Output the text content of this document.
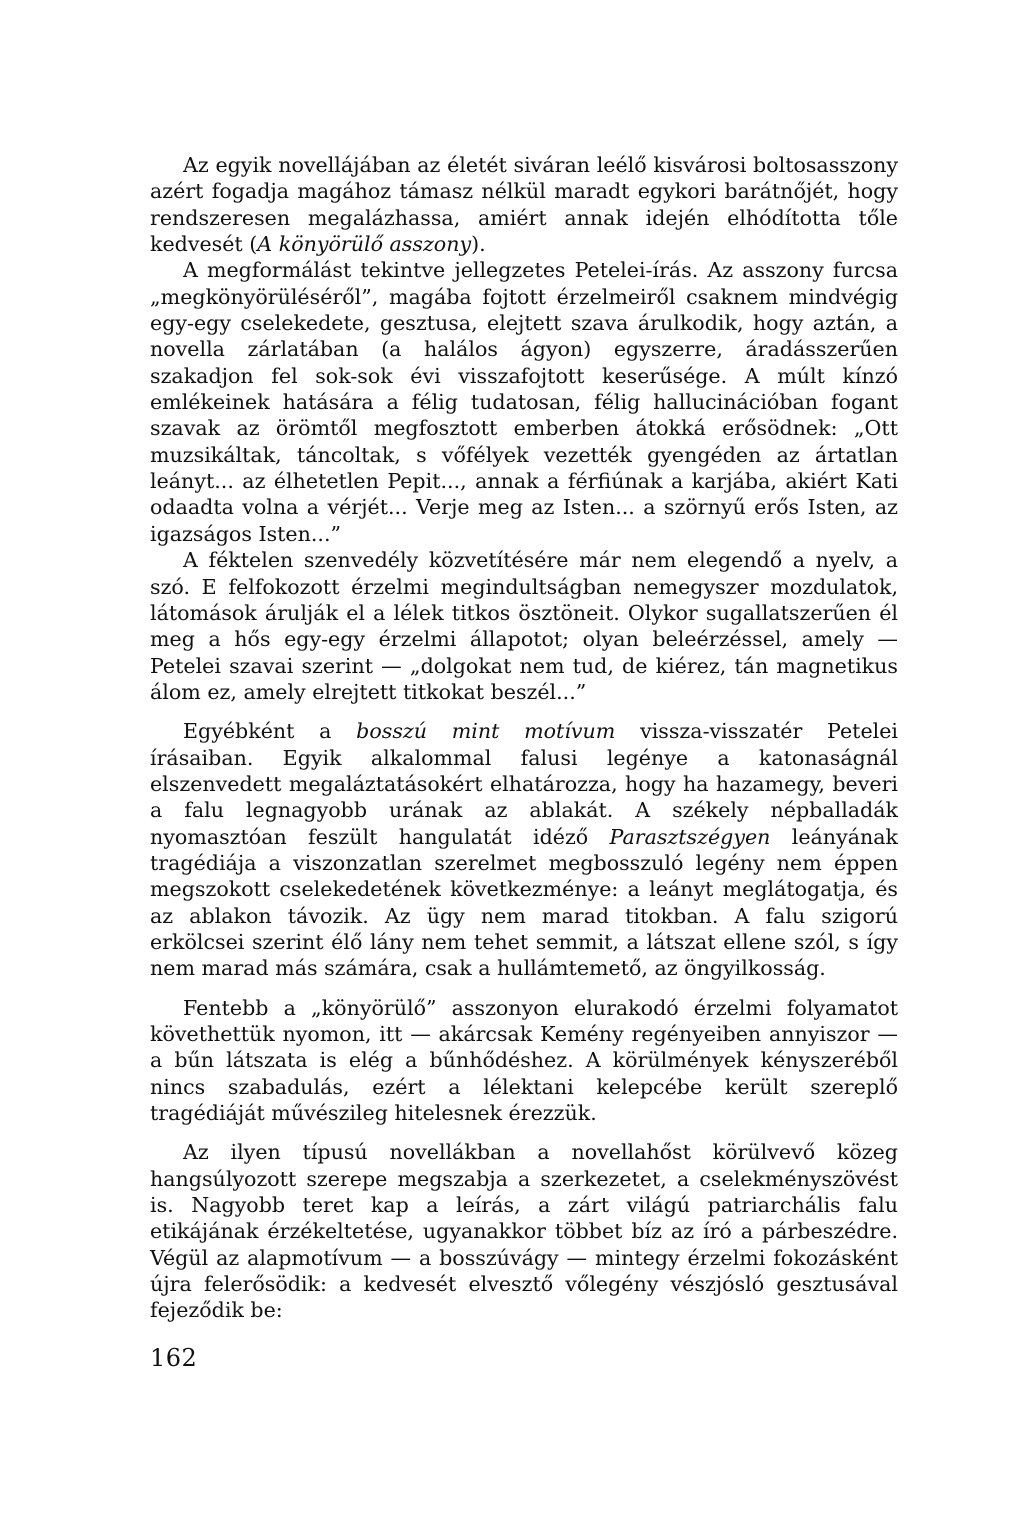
Az egyik novellájában az életét siváran leélő kisvárosi boltosasszony azért fogadja magához támasz nélkül maradt egykori barátnőjét, hogy rendszeresen megalázhassa, amiért annak idején elhódította tőle kedvesét (A könyörülő asszony).

A megformálást tekintve jellegzetes Petelei-írás. Az asszony furcsa „megkönyörüléséről”, magába fojtott érzelmeiről csaknem mindvégig egy-egy cselekedete, gesztusa, elejtett szava árulkodik, hogy aztán, a novella zárlatában (a halálos ágyon) egyszerre, áradásszerűen szakadjon fel sok-sok évi visszafojtott keserűsége. A múlt kínzó emlékeinek hatására a félig tudatosan, félig hallucinációban fogant szavak az örömtől megfosztott emberben átokká erősödnek: „Ott muzsikáltak, táncoltak, s vőfélyek vezették gyengéden az ártatlan leányt... az élhetetlen Pepit..., annak a férfiúnak a karjába, akiért Kati odaadta volna a vérjét... Verje meg az Isten... a szörnyű erős Isten, az igazságos Isten...”

A féktelen szenvedély közvetítésére már nem elegendő a nyelv, a szó. E felfokozott érzelmi megindultságban nemegyszer mozdulatok, látomások árulják el a lélek titkos ösztöneit. Olykor sugallatszerűen él meg a hős egy-egy érzelmi állapotot; olyan beleérzéssel, amely — Petelei szavai szerint — „dolgokat nem tud, de kiérez, tán magnetikus álom ez, amely elrejtett titkokat beszél...”

Egyébként a bosszú mint motívum vissza-visszatér Petelei írásaiban. Egyik alkalommal falusi legénye a katonaságnál elszenvedett megaláztatásokért elhatározza, hogy ha hazamegy, beveri a falu legnagyobb urának az ablakát. A székely népballadák nyomasztóan feszült hangulatát idéző Parasztszégyen leányának tragédiája a viszonzatlan szerelmet megbosszuló legény nem éppen megszokott cselekedetének következménye: a leányt meglátogatja, és az ablakon távozik. Az ügy nem marad titokban. A falu szigorú erkölcsei szerint élő lány nem tehet semmit, a látszat ellene szól, s így nem marad más számára, csak a hullámtemető, az öngyilkosság.

Fentebb a „könyörülő” asszonyon elurakodó érzelmi folyamatot követhettük nyomon, itt — akárcsak Kemény regényeiben annyiszor — a bűn látszata is elég a bűnhődéshez. A körülmények kényszeréből nincs szabadulás, ezért a lélektani kelepcébe került szereplő tragédiáját művészileg hitelesnek érezzük.

Az ilyen típusú novellákban a novellahőst körülvevő közeg hangsúlyozott szerepe megszabja a szerkezetet, a cselekményszövést is. Nagyobb teret kap a leírás, a zárt világú patriarchális falu etikájának érzékeltetése, ugyanakkor többet bíz az író a párbeszédre. Végül az alapmotívum — a bosszúvágy — mintegy érzelmi fokozásként újra felerősödik: a kedvesét elvesztő vőlegény vészjósló gesztusával fejeződik be:

162
